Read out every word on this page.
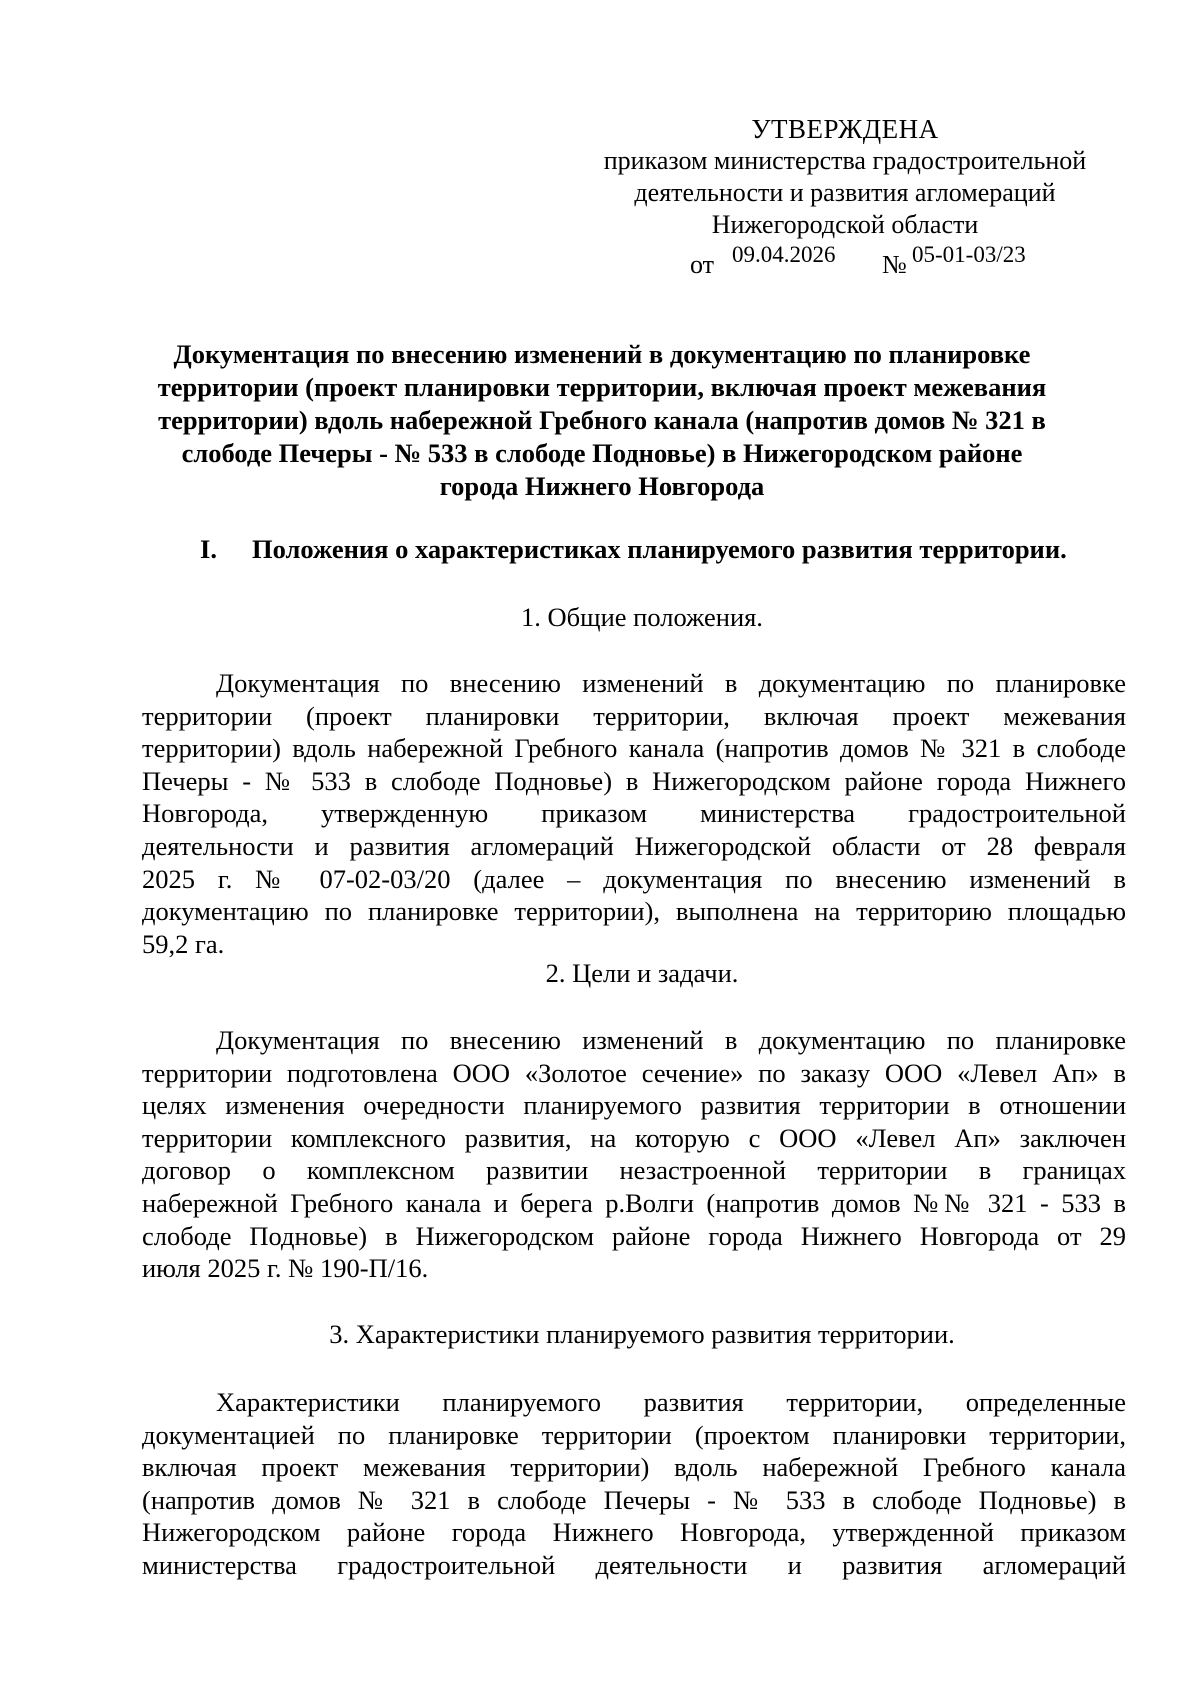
УТВЕРЖДЕНА
приказом министерства градостроительной
деятельности и развития агломераций
Нижегородской области
от 09.04.2026 № 05-01-03/23
Документация по внесению изменений в документацию по планировке
территории (проект планировки территории, включая проект межевания
территории) вдоль набережной Гребного канала (напротив домов № 321 в
слободе Печеры - № 533 в слободе Подновье) в Нижегородском районе
города Нижнего Новгорода
I. Положения о характеристиках планируемого развития территории.
1. Общие положения.
Документация по внесению изменений в документацию по планировке
территории (проект планировки территории, включая проект межевания
территории) вдоль набережной Гребного канала (напротив домов № 321 в слободе
Печеры - № 533 в слободе Подновье) в Нижегородском районе города Нижнего
Новгорода, утвержденную приказом министерства градостроительной
деятельности и развития агломераций Нижегородской области от 28 февраля
2025 г. № 07-02-03/20 (далее – документация по внесению изменений в
документацию по планировке территории), выполнена на территорию площадью
59,2 га.
2. Цели и задачи.
Документация по внесению изменений в документацию по планировке
территории подготовлена ООО «Золотое сечение» по заказу ООО «Левел Ап» в
целях изменения очередности планируемого развития территории в отношении
территории комплексного развития, на которую с ООО «Левел Ап» заключен
договор о комплексном развитии незастроенной территории в границах
набережной Гребного канала и берега р.Волги (напротив домов №№ 321 - 533 в
слободе Подновье) в Нижегородском районе города Нижнего Новгорода от 29
июля 2025 г. № 190-П/16.
3. Характеристики планируемого развития территории.
Характеристики планируемого развития территории, определенные
документацией по планировке территории (проектом планировки территории,
включая проект межевания территории) вдоль набережной Гребного канала
(напротив домов № 321 в слободе Печеры - № 533 в слободе Подновье) в
Нижегородском районе города Нижнего Новгорода, утвержденной приказом
министерства градостроительной деятельности и развития агломераций
